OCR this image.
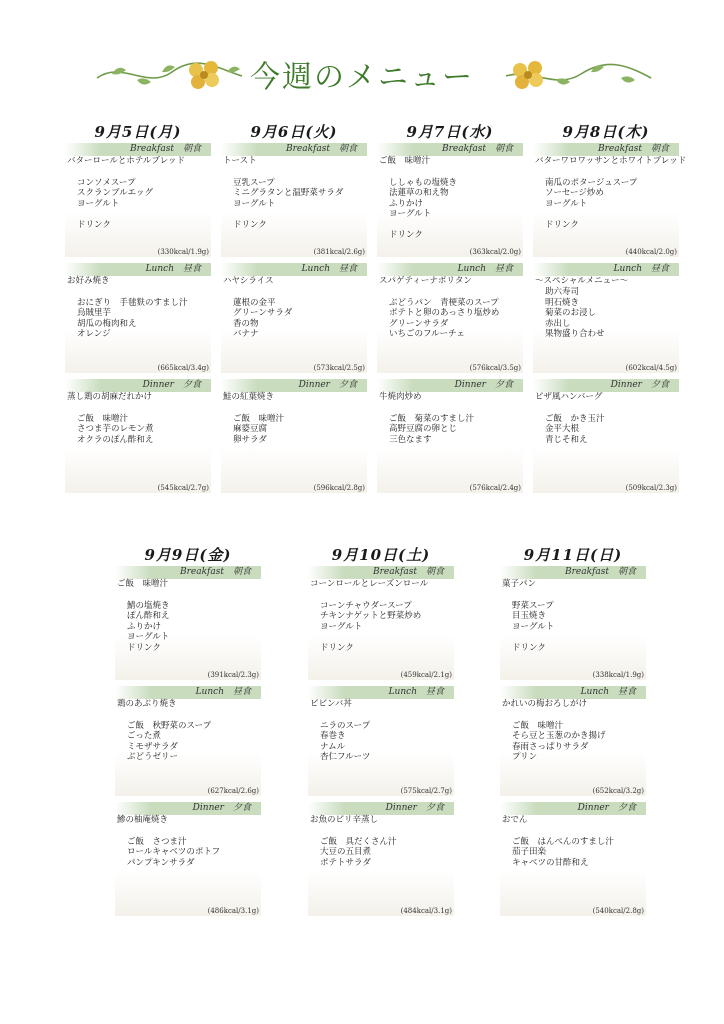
今週のメニュー
9月5日(月)
Breakfast　朝食
バターロールとホテルブレッド
コンソメスープ
スクランブルエッグ
ヨーグルト
ドリンク
(330kcal/1.9g)
Lunch　昼食
お好み焼き
おにぎり　手毬麩のすまし汁
烏賊里芋
胡瓜の梅肉和え
オレンジ
(665kcal/3.4g)
Dinner　夕食
蒸し鶏の胡麻だれかけ
ご飯　味噌汁
さつま芋のレモン煮
オクラのぽん酢和え
(545kcal/2.7g)
9月6日(火)
Breakfast　朝食
トースト
豆乳スープ
ミニグラタンと温野菜サラダ
ヨーグルト
ドリンク
(381kcal/2.6g)
Lunch　昼食
ハヤシライス
蓮根の金平
グリーンサラダ
香の物
バナナ
(573kcal/2.5g)
Dinner　夕食
鮭の紅葉焼き
ご飯　味噌汁
麻婆豆腐
卵サラダ
(596kcal/2.8g)
9月7日(水)
Breakfast　朝食
ご飯　味噌汁
ししゃもの塩焼き
法蓮草の和え物
ふりかけ
ヨーグルト
ドリンク
(363kcal/2.0g)
Lunch　昼食
スパゲティーナポリタン
ぶどうパン　青梗菜のスープ
ポテトと卵のあっさり塩炒め
グリーンサラダ
いちごのフルーチェ
(576kcal/3.5g)
Dinner　夕食
牛焼肉炒め
ご飯　菊菜のすまし汁
高野豆腐の卵とじ
三色なます
(576kcal/2.4g)
9月8日(木)
Breakfast　朝食
バターワロワッサンとホワイトブレッド
南瓜のポタージュスープ
ソーセージ炒め
ヨーグルト
ドリンク
(440kcal/2.0g)
Lunch　昼食
～スペシャルメニュー～
助六寿司
明石焼き
菊菜のお浸し
赤出し
果物盛り合わせ
(602kcal/4.5g)
Dinner　夕食
ピザ風ハンバーグ
ご飯　かき玉汁
金平大根
青じそ和え
(509kcal/2.3g)
9月9日(金)
Breakfast　朝食
ご飯　味噌汁
鯖の塩焼き
ぽん酢和え
ふりかけ
ヨーグルト
ドリンク
(391kcal/2.3g)
Lunch　昼食
鶏のあぶり焼き
ご飯　秋野菜のスープ
ごった煮
ミモザサラダ
ぶどうゼリー
(627kcal/2.6g)
Dinner　夕食
鯵の柚庵焼き
ご飯　さつま汁
ロールキャベツのポトフ
パンプキンサラダ
(486kcal/3.1g)
9月10日(土)
Breakfast　朝食
コーンロールとレーズンロール
コーンチャウダースープ
チキンナゲットと野菜炒め
ヨーグルト
ドリンク
(459kcal/2.1g)
Lunch　昼食
ビビンバ丼
ニラのスープ
春巻き
ナムル
杏仁フルーツ
(575kcal/2.7g)
Dinner　夕食
お魚のピリ辛蒸し
ご飯　具だくさん汁
大豆の五目煮
ポテトサラダ
(484kcal/3.1g)
9月11日(日)
Breakfast　朝食
菓子パン
野菜スープ
目玉焼き
ヨーグルト
ドリンク
(338kcal/1.9g)
Lunch　昼食
かれいの梅おろしがけ
ご飯　味噌汁
そら豆と玉葱のかき揚げ
春雨さっぱりサラダ
プリン
(652kcal/3.2g)
Dinner　夕食
おでん
ご飯　はんぺんのすまし汁
茄子田楽
キャベツの甘酢和え
(540kcal/2.8g)
